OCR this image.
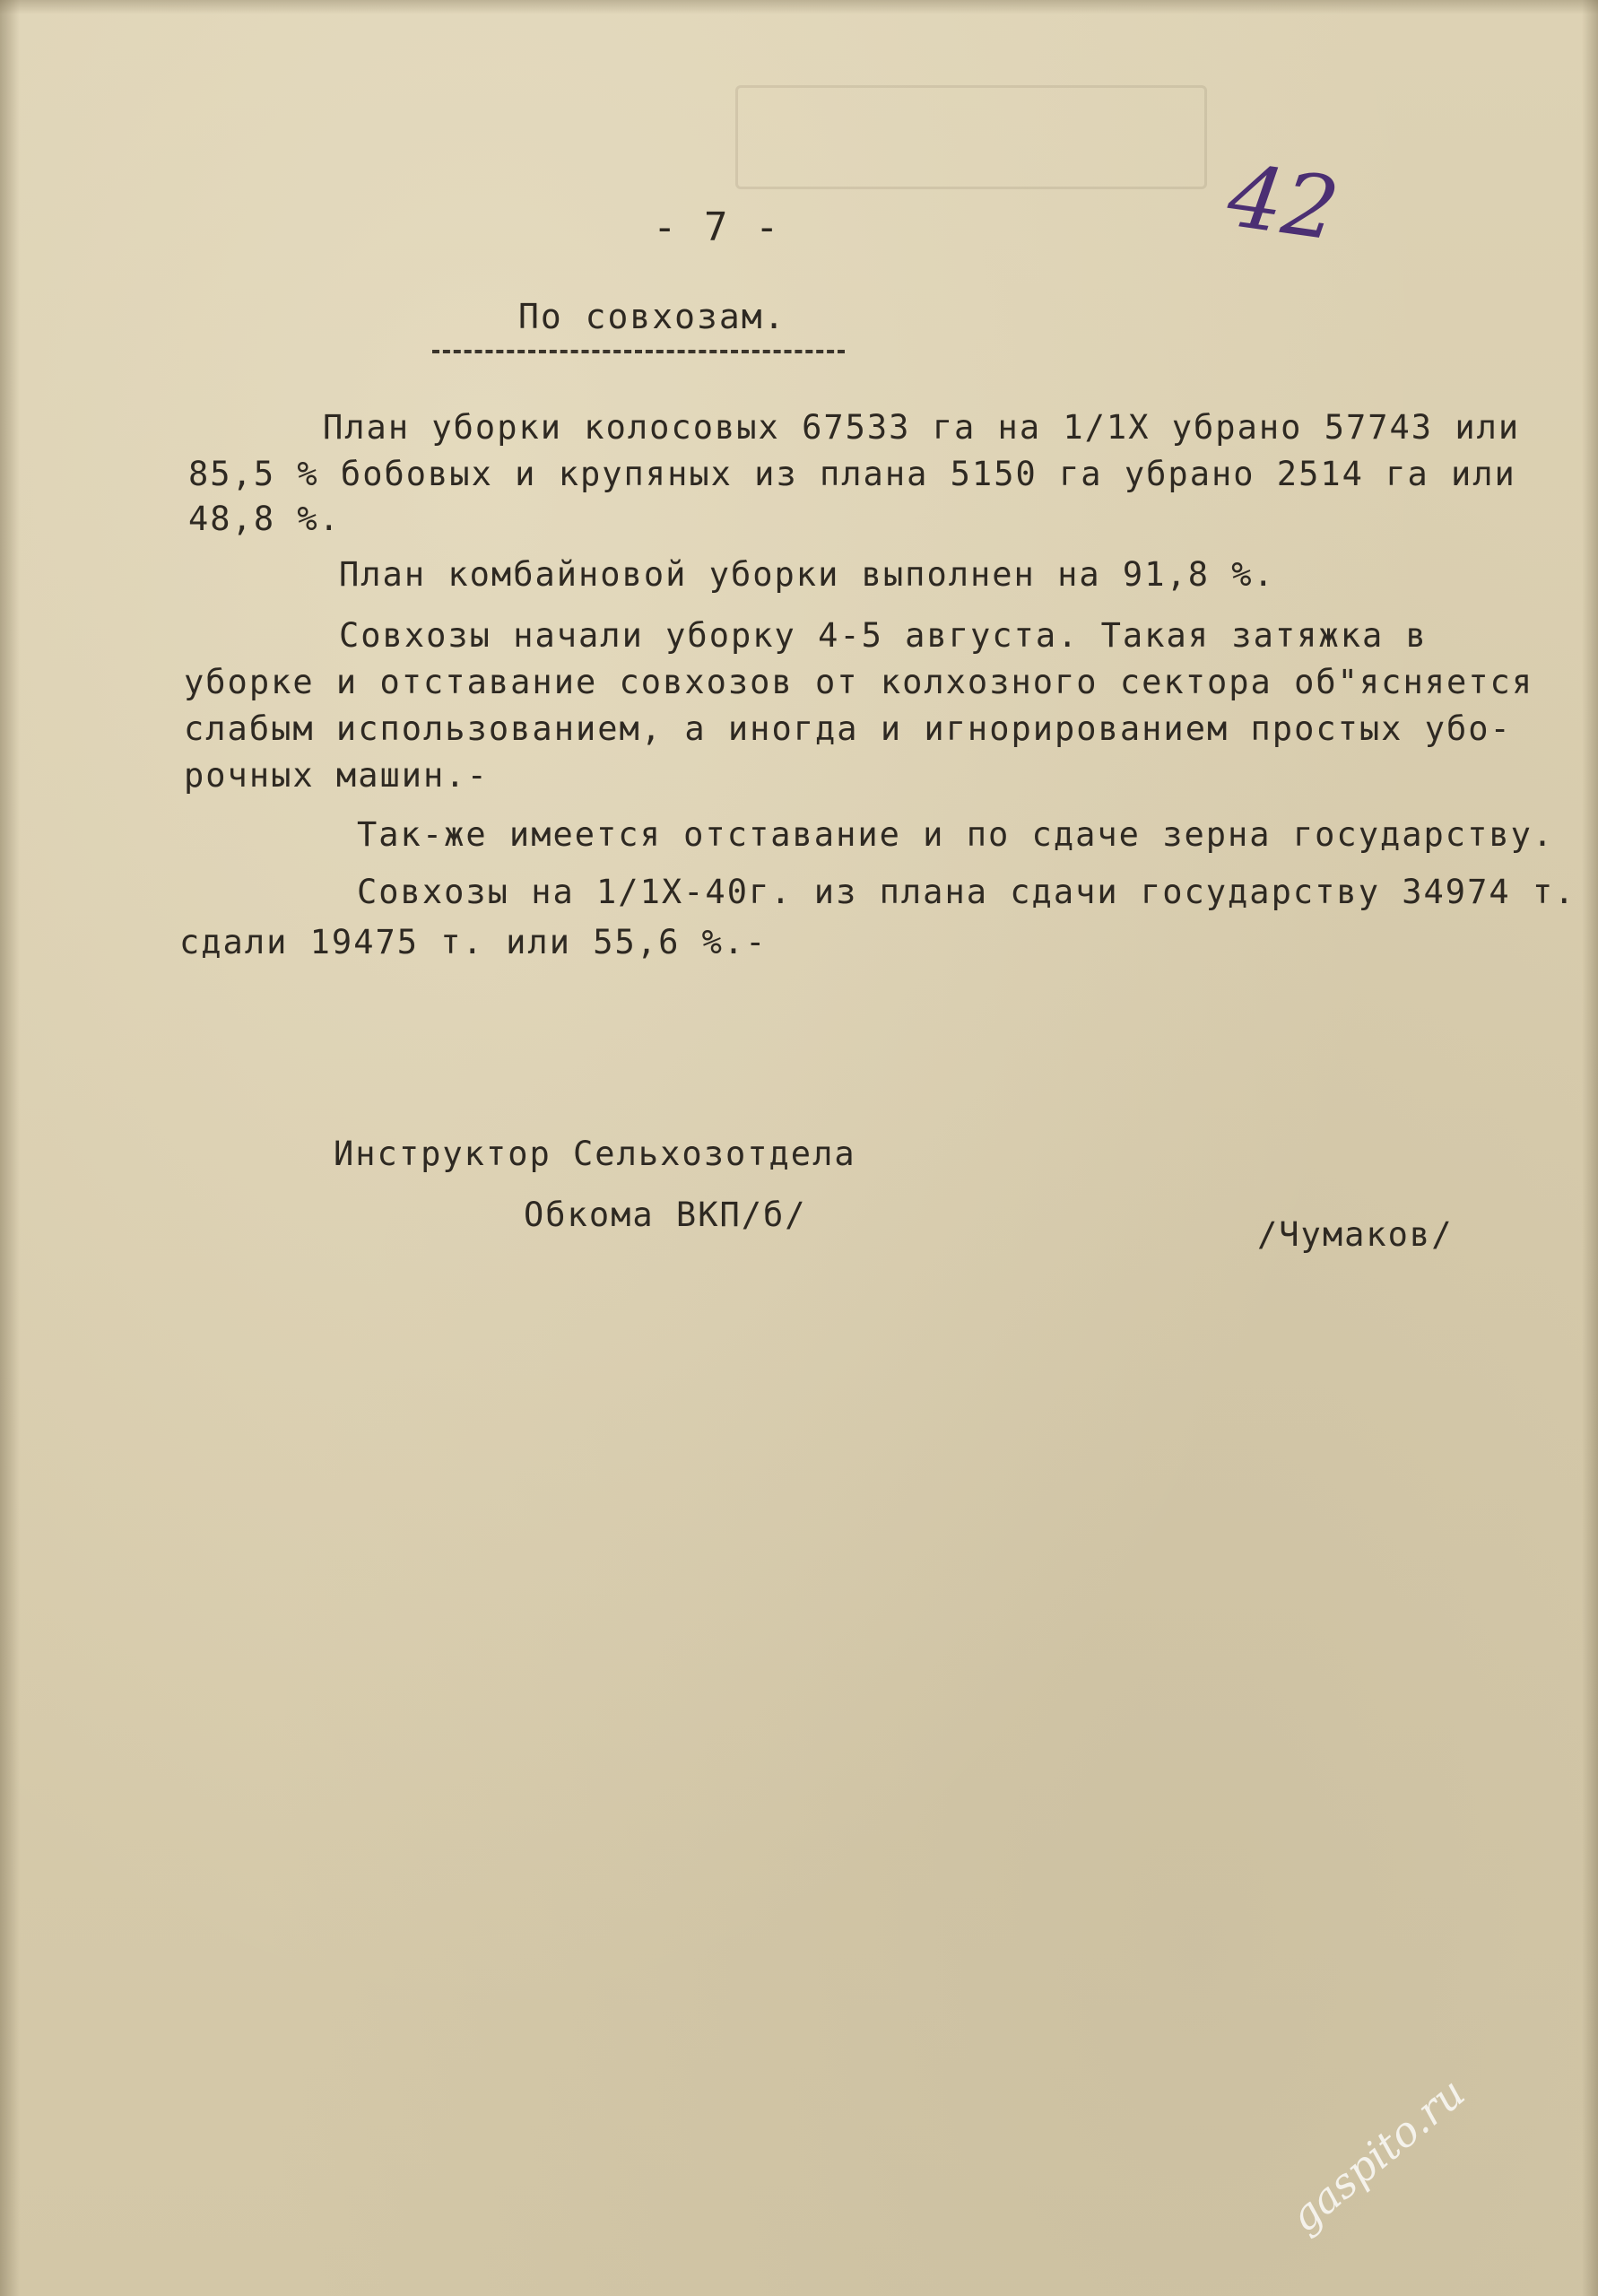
- 7 -	42
По совхозам.
План уборки колосовых 67533 га на 1/1Х убрано 57743 или
85,5 % бобовых и крупяных из плана 5150 га убрано 2514 га или
48,8 %.
План комбайновой уборки выполнен на 91,8 %.
Совхозы начали уборку 4-5 августа. Такая затяжка в
уборке и отставание совхозов от колхозного сектора об"ясняется
слабым использованием, а иногда и игнорированием простых убо-
рочных машин.-
Так-же имеется отставание и по сдаче зерна государству.
Совхозы на 1/1Х-40г. из плана сдачи государству 34974 т.
сдали 19475 т. или 55,6 %.-
Инструктор Сельхозотдела
Обкома ВКП/б/
/Чумаков/
gaspito.ru
